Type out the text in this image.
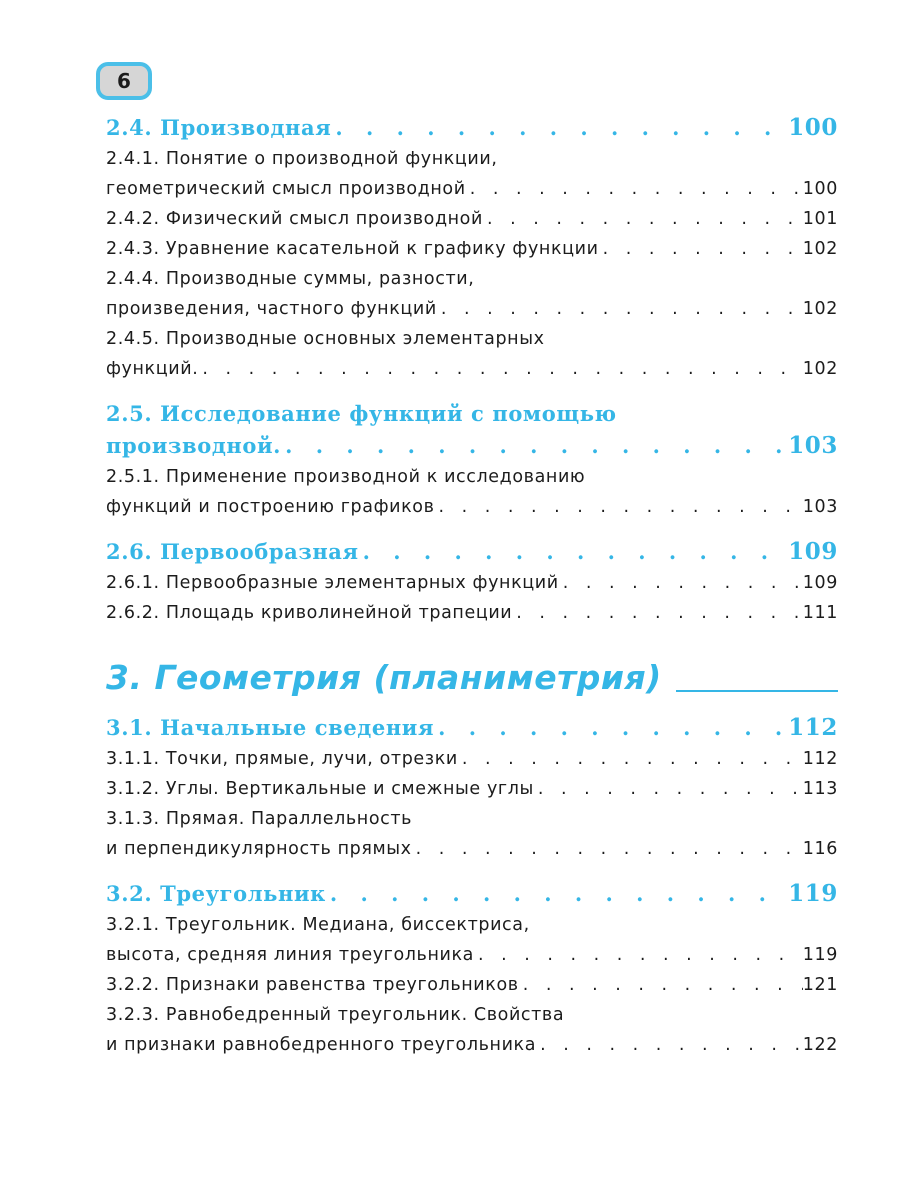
6
2.4. Производная . . .	100
2.4.1. Понятие о производной функции,
геометрический смысл производной . . .	100
2.4.2. Физический смысл производной . . .	101
2.4.3. Уравнение касательной к графику функции . . .	102
2.4.4. Производные суммы, разности,
произведения, частного функций . . .	102
2.4.5. Производные основных элементарных
функций. . . .	102
2.5. Исследование функций с помощью
производной. . . .	103
2.5.1. Применение производной к исследованию
функций и построению графиков . . .	103
2.6. Первообразная . . .	109
2.6.1. Первообразные элементарных функций . . .	109
2.6.2. Площадь криволинейной трапеции . . .	111
3. Геометрия (планиметрия)
3.1. Начальные сведения . . .	112
3.1.1. Точки, прямые, лучи, отрезки . . .	112
3.1.2. Углы. Вертикальные и смежные углы . . .	113
3.1.3. Прямая. Параллельность
и перпендикулярность прямых . . .	116
3.2. Треугольник . . .	119
3.2.1. Треугольник. Медиана, биссектриса,
высота, средняя линия треугольника . . .	119
3.2.2. Признаки равенства треугольников . . .	121
3.2.3. Равнобедренный треугольник. Свойства
и признаки равнобедренного треугольника . . .	122
